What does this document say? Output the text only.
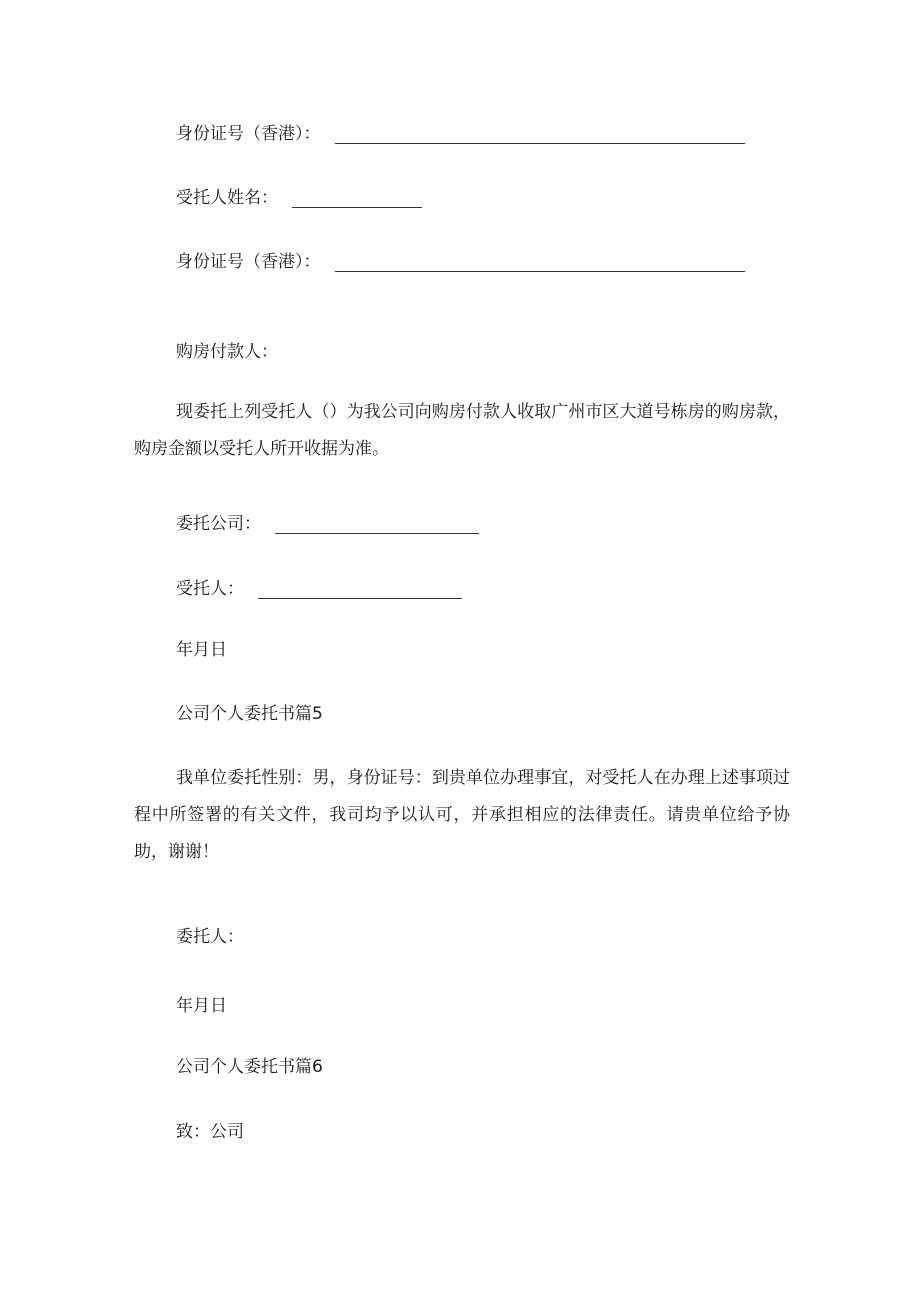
身份证号（香港）：
受托人姓名：
身份证号（香港）：
购房付款人：
现委托上列受托人（）为我公司向购房付款人收取广州市区大道号栋房的购房款，购房金额以受托人所开收据为准。
委托公司：
受托人：
年月日
公司个人委托书篇5
我单位委托性别：男，身份证号：到贵单位办理事宜，对受托人在办理上述事项过程中所签署的有关文件，我司均予以认可，并承担相应的法律责任。请贵单位给予协助，谢谢！
委托人：
年月日
公司个人委托书篇6
致：公司
